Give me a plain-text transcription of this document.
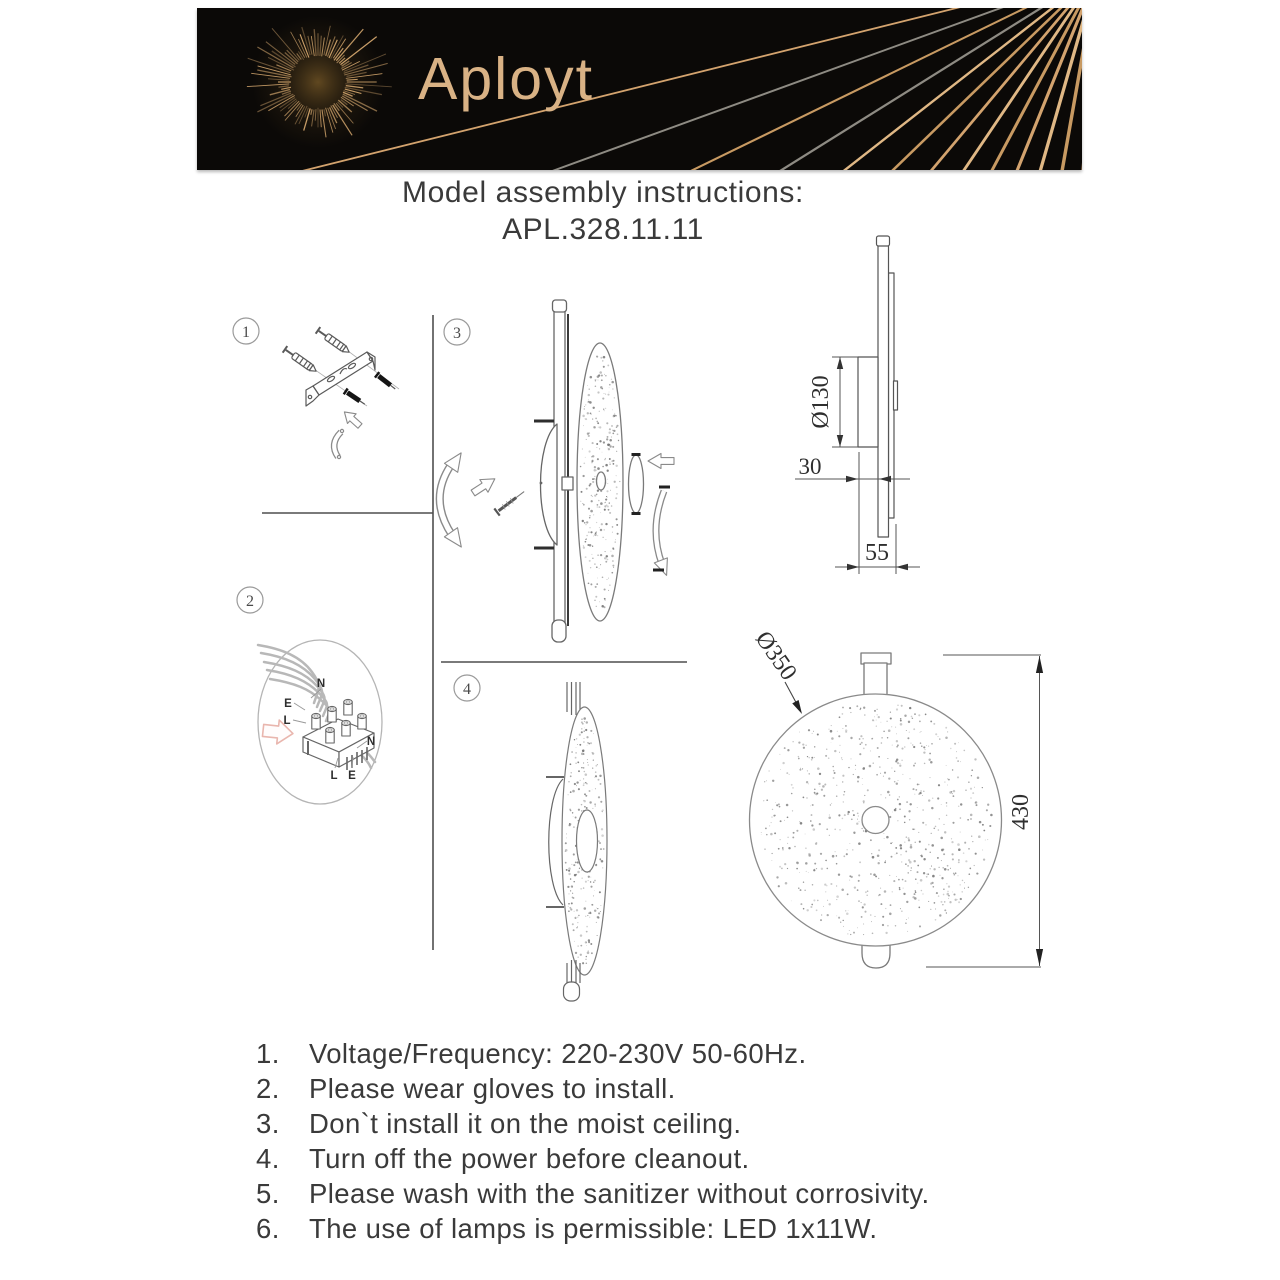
Aployt
Model assembly instructions:
APL.328.11.11
1
2
3
4
N
E
L
N
L E
Ø130
30
55
Ø350
430
1.	Voltage/Frequency: 220-230V 50-60Hz.
2.	Please wear gloves to install.
3.	Don`t install it on the moist ceiling.
4.	Turn off the power before cleanout.
5.	Please wash with the sanitizer without corrosivity.
6.	The use of lamps is permissible: LED 1x11W.
